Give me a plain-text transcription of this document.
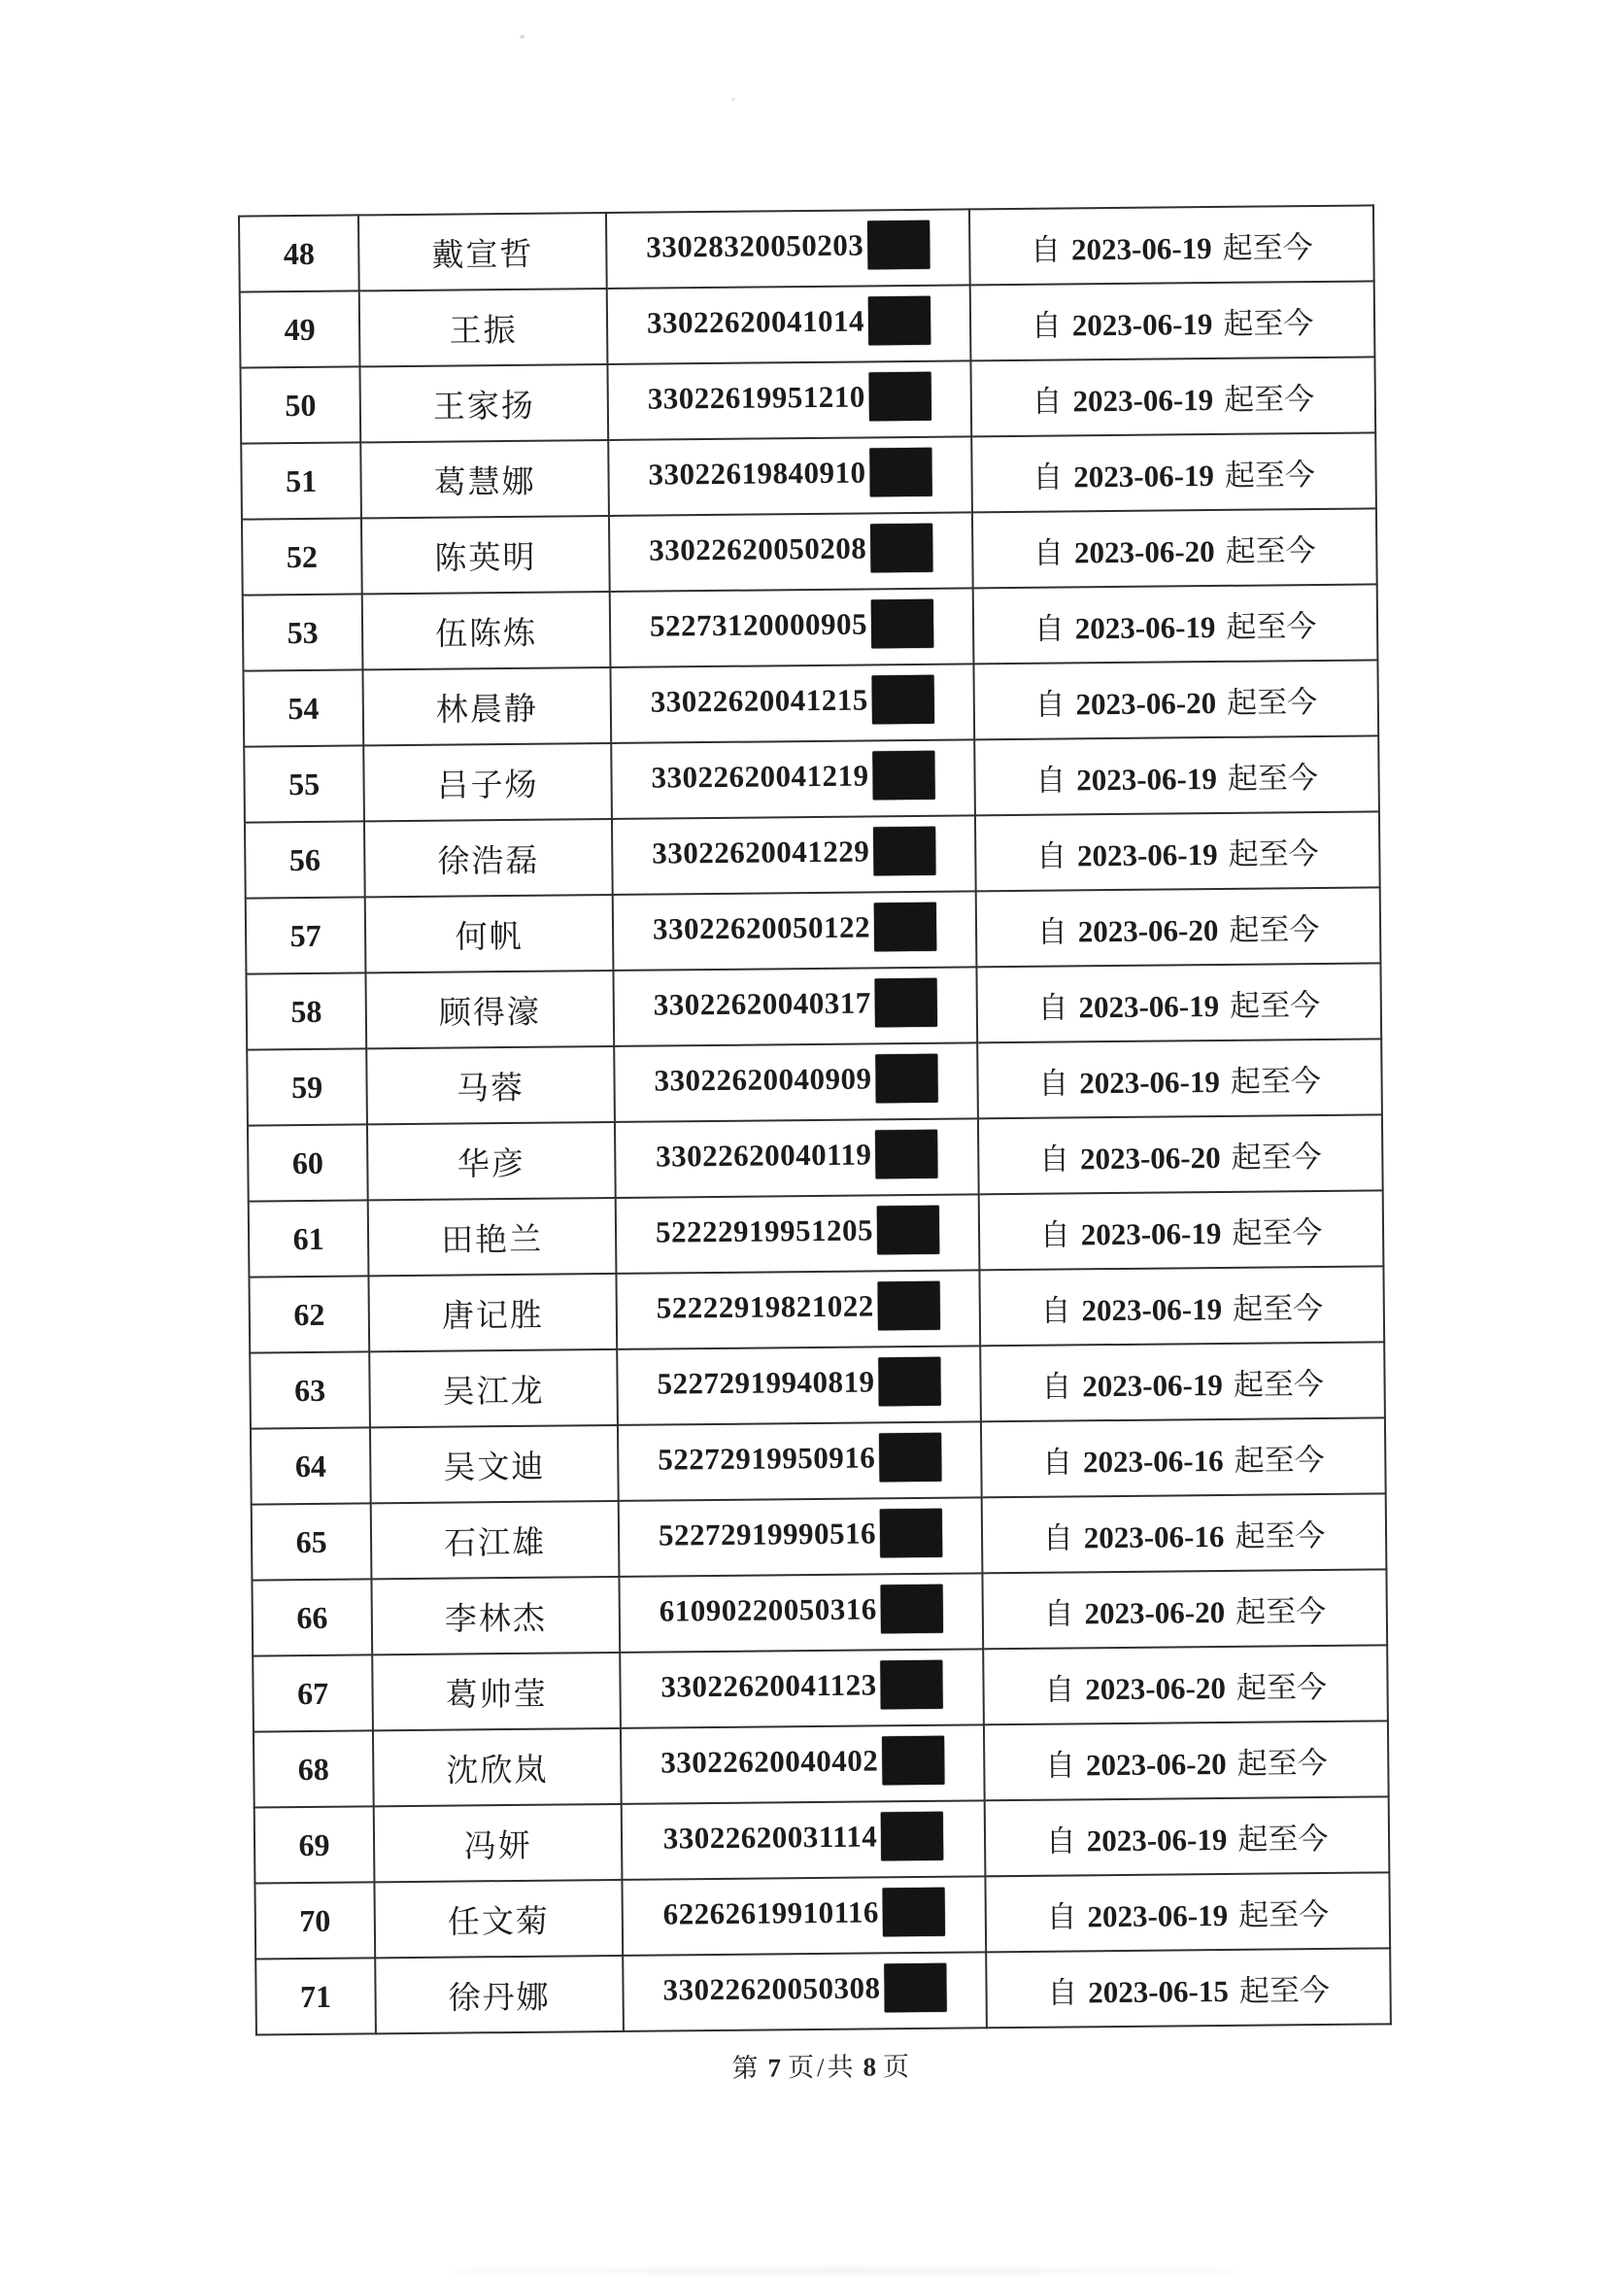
48	戴宣哲	33028320050203	自 2023-06-19 起至今
49	王振	33022620041014	自 2023-06-19 起至今
50	王家扬	33022619951210	自 2023-06-19 起至今
51	葛慧娜	33022619840910	自 2023-06-19 起至今
52	陈英明	33022620050208	自 2023-06-20 起至今
53	伍陈炼	52273120000905	自 2023-06-19 起至今
54	林晨静	33022620041215	自 2023-06-20 起至今
55	吕子炀	33022620041219	自 2023-06-19 起至今
56	徐浩磊	33022620041229	自 2023-06-19 起至今
57	何帆	33022620050122	自 2023-06-20 起至今
58	顾得濠	33022620040317	自 2023-06-19 起至今
59	马蓉	33022620040909	自 2023-06-19 起至今
60	华彦	33022620040119	自 2023-06-20 起至今
61	田艳兰	52222919951205	自 2023-06-19 起至今
62	唐记胜	52222919821022	自 2023-06-19 起至今
63	吴江龙	52272919940819	自 2023-06-19 起至今
64	吴文迪	52272919950916	自 2023-06-16 起至今
65	石江雄	52272919990516	自 2023-06-16 起至今
66	李林杰	61090220050316	自 2023-06-20 起至今
67	葛帅莹	33022620041123	自 2023-06-20 起至今
68	沈欣岚	33022620040402	自 2023-06-20 起至今
69	冯妍	33022620031114	自 2023-06-19 起至今
70	任文菊	62262619910116	自 2023-06-19 起至今
71	徐丹娜	33022620050308	自 2023-06-15 起至今
第 7 页/共 8 页
